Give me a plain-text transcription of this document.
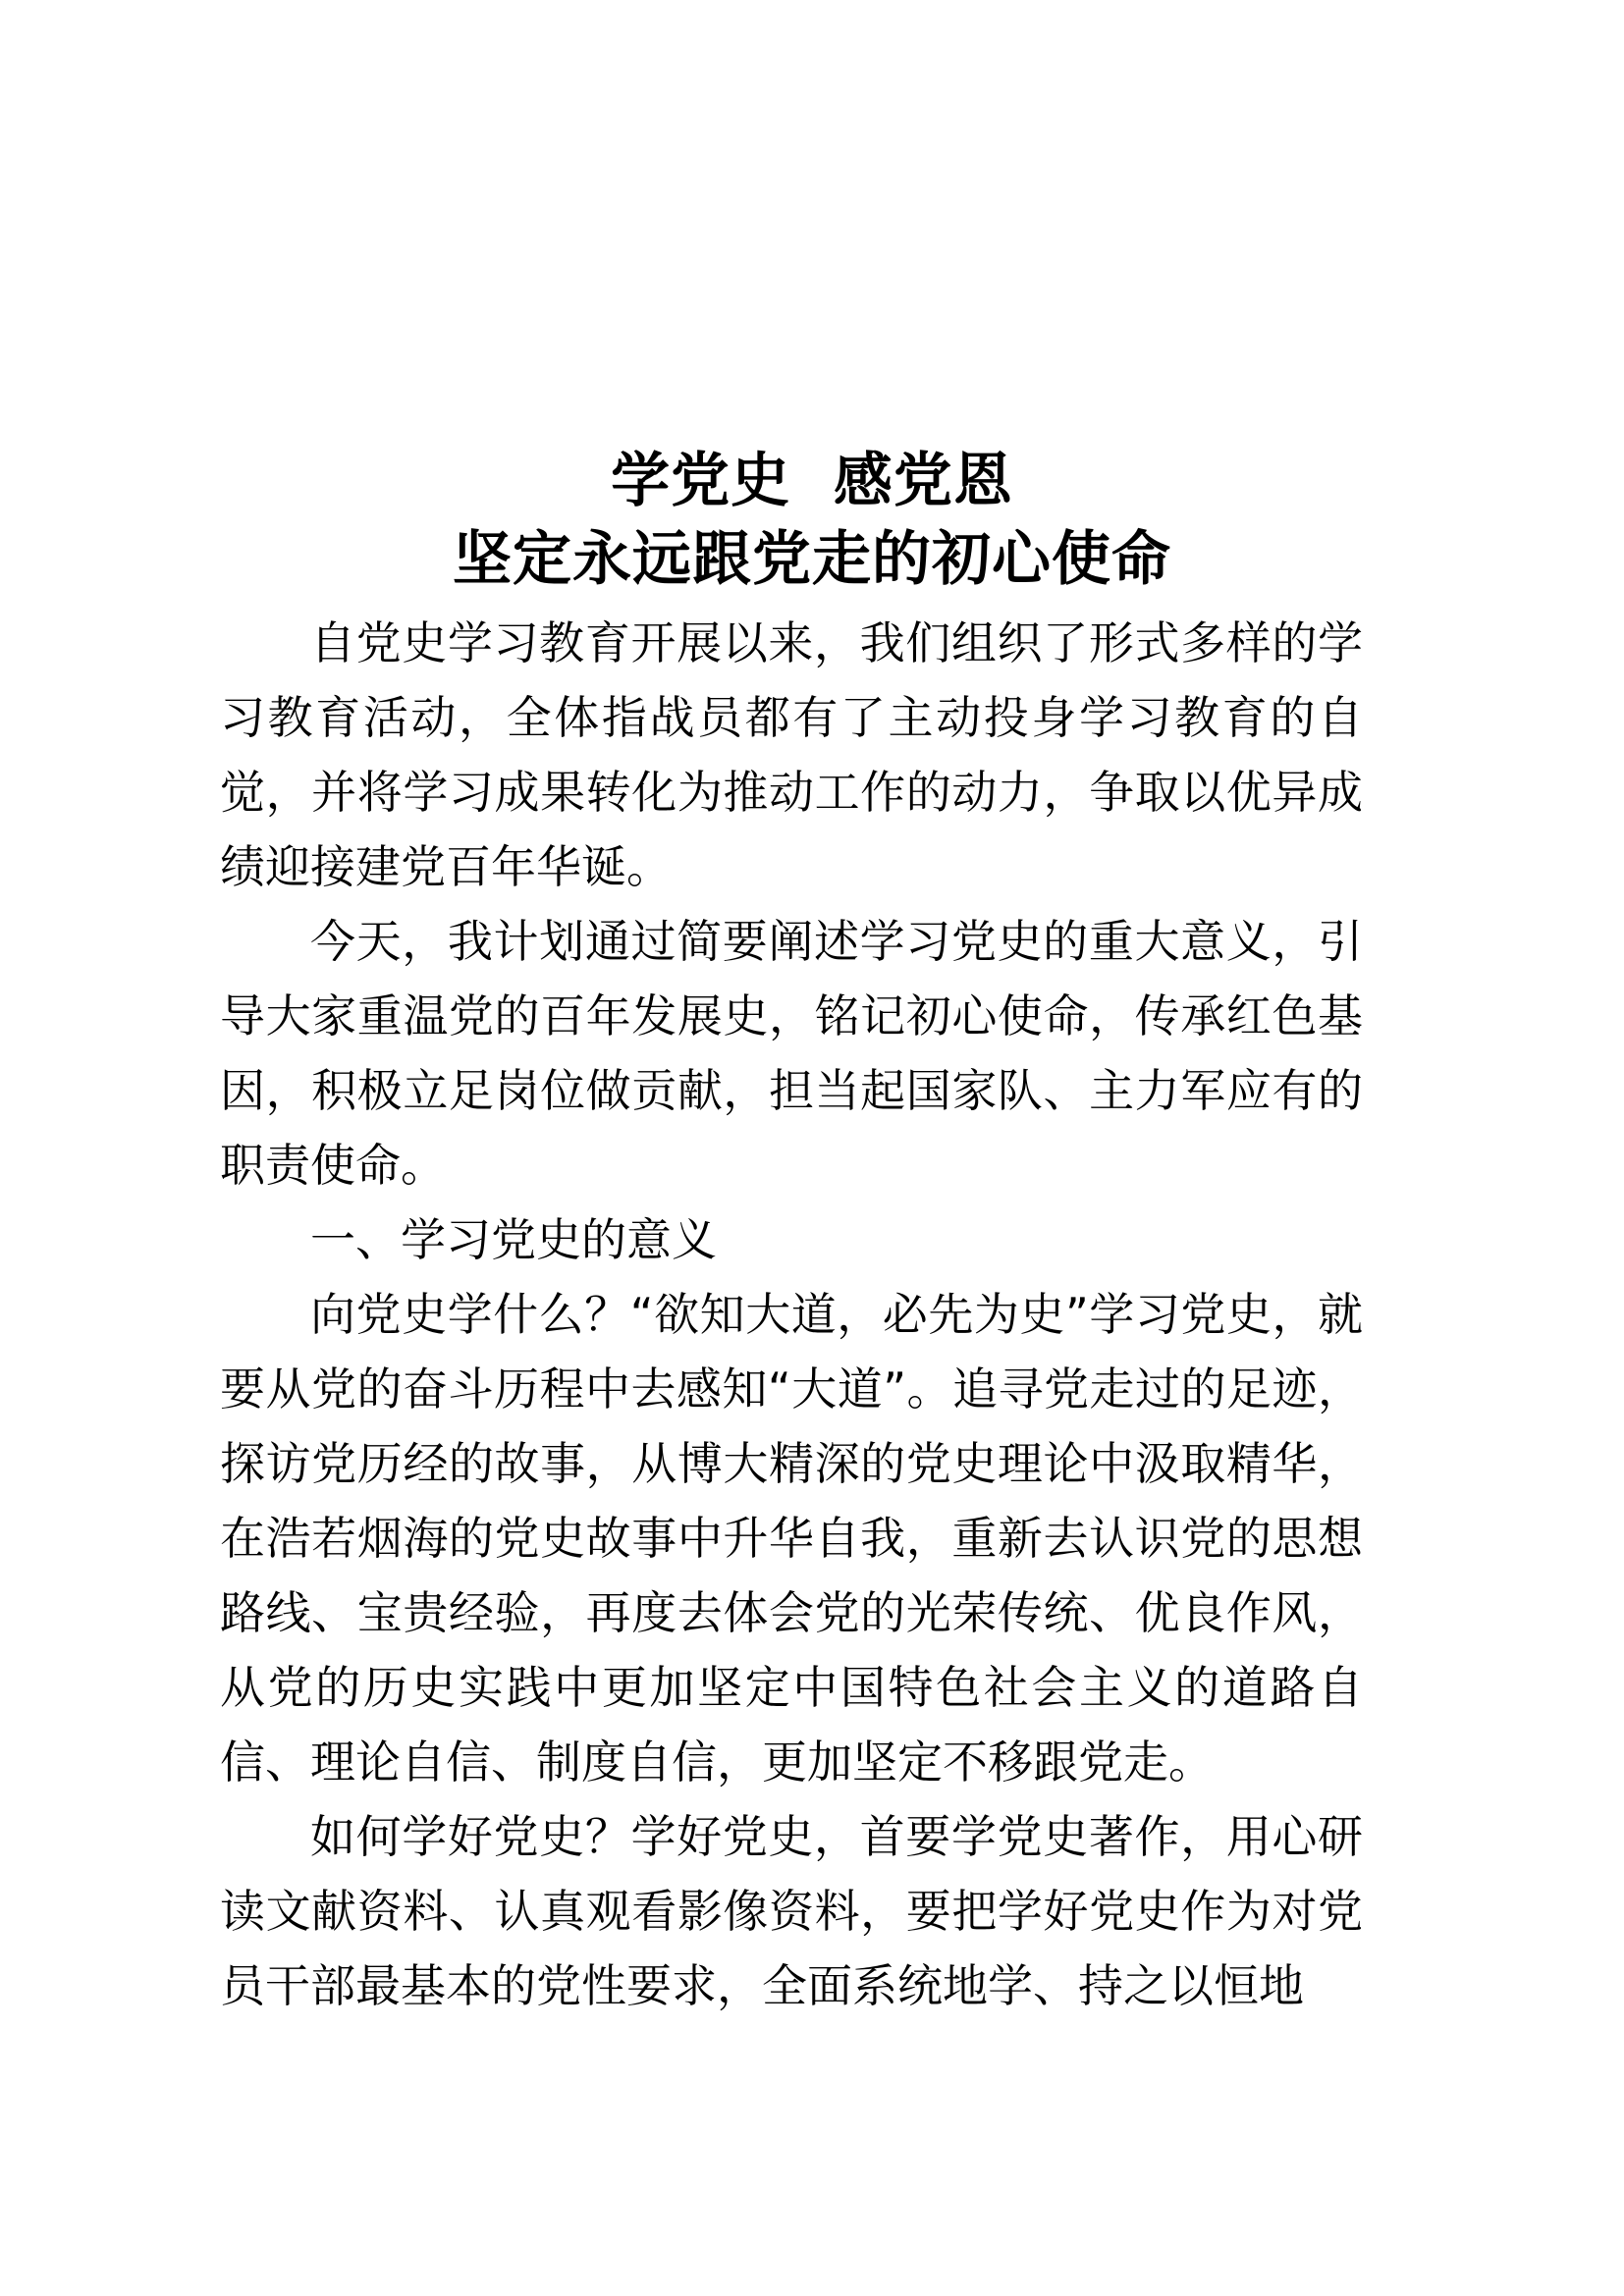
学党史  感党恩
坚定永远跟党走的初心使命

自党史学习教育开展以来，我们组织了形式多样的学习教育活动，全体指战员都有了主动投身学习教育的自觉，并将学习成果转化为推动工作的动力，争取以优异成绩迎接建党百年华诞。

今天，我计划通过简要阐述学习党史的重大意义，引导大家重温党的百年发展史，铭记初心使命，传承红色基因，积极立足岗位做贡献，担当起国家队、主力军应有的职责使命。

一、学习党史的意义

向党史学什么？“欲知大道，必先为史”学习党史，就要从党的奋斗历程中去感知“大道”。追寻党走过的足迹，探访党历经的故事，从博大精深的党史理论中汲取精华，在浩若烟海的党史故事中升华自我，重新去认识党的思想路线、宝贵经验，再度去体会党的光荣传统、优良作风，从党的历史实践中更加坚定中国特色社会主义的道路自信、理论自信、制度自信，更加坚定不移跟党走。

如何学好党史？学好党史，首要学党史著作，用心研读文献资料、认真观看影像资料，要把学好党史作为对党员干部最基本的党性要求，全面系统地学、持之以恒地
